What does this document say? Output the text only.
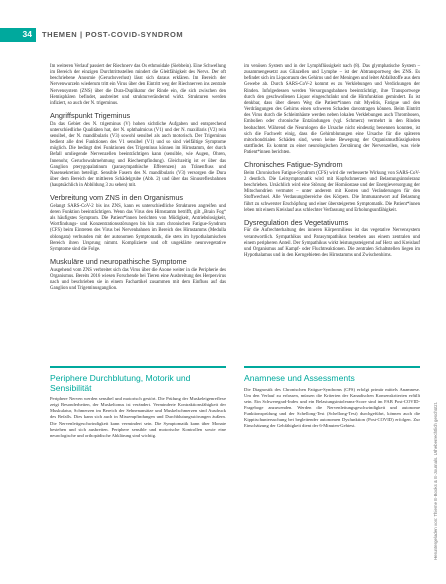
34 THEMEN | POST-COVID-SYNDROM

Im weiteren Verlauf passiert der Riechnerv das Os ethmoidale (Siebbein). Eine Schwellung im Bereich der einzigen Durchtrittsstellen mindert die Gleitfähigkeit des Nervs. Der oft beschriebene Anosmie (Geruchsverlust) lässt sich daraus erklären. Im Bereich der Nervenwurzeln wiederum tritt ein Virus über den Eintritt weg der Riechnerven ins zentrale Nervensystem (ZNS) über die Dura-Duplikatur der Rinde ein, die sich zwischen den Hemisphären befindet, ausbreitet und strukturverändernd wirkt. Strukturen werden infiziert, so auch der N. trigeminus.

Angriffspunkt Trigeminus

Da das Gebiet des N. trigeminus (V) hohen sichtliche Aufgaben und entsprechend unterschiedliche Qualitäten hat, der N. ophthalmicus (V1) und der N. maxillaris (V2) rein sensibel, der N. mandibularis (V3) sowohl sensibel als auch motorisch. Der Trigeminus bedient alle drei Funktionen des V1 sensibel (V1) und so sind vielfältige Symptome möglich. Die bedingt drei Funktionen des Trigeminus können im Hirnstamm, der durch Befall umliegende Nervenzellen beeinträchtigen kann (sensible, wie Augen, Ohren, Innenohr, Geruchswahrnehmung und Riechempfindung). Gleichzeitig ist er über das Ganglion pterygopalatinum (parasympathische Efferenzen) an Tränenfluss und Nasensekretion beteiligt. Sensible Fasern des N. mandibularis (V3) versorgen die Dura über dem Bereich der mittleren Schädelgrube (Abb. 2) und über das Sinusreflexbahnen (hauptsächlich in Abbildung 3 zu sehen) mit.

Verbreitung vom ZNS in den Organismus

Gelangt SARS-CoV-2 bis ins ZNS, kann es unterschiedliche Strukturen angreifen und deren Funktion beeinträchtigen. Wenn das Virus den Hirnstamm betrifft, gilt „Brain Fog“ als häufigstes Symptom. Die Patient*innen berichten von Müdigkeit, Antriebslosigkeit, Wortfindungs- und Konzentrationsstörungen bis hin zum chronischen Fatigue-Syndrom (CFS) beim Eintreten des Virus bei Nervenbahnen im Bereich des Hirnstamms (Medulla oblongata) verbunden mit der autonomen Symptomatik, die stets im hypothalamischen Bereich ihren Ursprung nimmt. Komplizierte und oft ungeklärte neurovegetative Symptome sind die Folge.

Muskuläre und neuropathische Symptome

Ausgehend vom ZNS verbreitet sich das Virus über die Axone weiter in die Peripherie des Organismus. Bereits 2016 wiesen Forschende bei Tieren eine Ausbreitung des Herpesvirus nach und beschrieben sie in einem Fachartikel zusammen mit dem Einfluss auf das Ganglion und Trigeminusganglion.

im venösen System und in der Lymphflüssigkeit nach (8). Das glymphatische System – zusammengesetzt aus Gliazellen und Lymphe – ist der Abtransportweg des ZNS. Es befindet sich im Liquorraum des Gehirns und der Meningen und leitet Abfallstoffe aus dem Gewebe ab. Durch SARS-CoV-2 kommt es zu Verklebungen und Verdickungen der Rinden. Infolgedessen werden Versorgungsbahnen beeinträchtigt, ihre Transportwege durch den geschwollenen Liquor eingeschränkt und die Hirnfunktion gemindert. Es ist denkbar, dass über diesen Weg die Patient*innen mit Myelitis, Fatigue und den Verdrängungen des Gehirns einen schweren Schaden davontragen können. Beim Eintritt des Virus durch die Schleimhäute werden neben lokalen Verklebungen auch Thrombosen, Embolien oder chronische Entzündungen (vgl. Schmerz) vermehrt in den Rinden beobachtet. Während die Neurologen die Ursache nicht eindeutig benennen konnten, ist sich die Fachwelt einig, dass die Gehirnblutungen eine Ursache für die späteren mitochondrialen Schäden sind, wenn keine Bewegung der Organismusflüssigkeiten stattfindet. Es kommt zu einer neurologischen Zerstörung der Nervenzellen, was viele Patient*innen berichten.

Chronisches Fatigue-Syndrom

Beim Chronischen Fatigue-Syndrom (CFS) wird die verbesserte Wirkung von SARS-CoV-2 deutlich. Die Leitsymptomatik wird mit Kopfschmerzen und Belastungsintoleranz beschrieben. Ursächlich wird eine Störung der Homöostase und der Energieversorgung der Mitochondrien vermutet – unter anderem mit Kosten und Veränderungen für den Stoffwechsel. Alle Verdauungsbereiche des Körpers. Die Immunantwort auf Belastung führt zu schwerster Erschöpfung und einer übersteigerten Symptomatik. Die Patient*innen leben mit einem Kreislauf aus schlechter Verfassung und Erholungsunfähigkeit.

Dysregulation des Vegetativums

Für die Aufrechterhaltung des inneren Körpermilieus ist das vegetative Nervensystem verantwortlich. Sympathikus und Parasympathikus bestehen aus einem zentralen und einem peripheren Anteil. Der Sympathikus wirkt leistungssteigernd auf Herz und Kreislauf und Organismus auf Kampf- oder Fluchtreaktionen. Die zentralen Schaltstellen liegen im Hypothalamus und in den Kerngebieten des Hirnstamms und Zwischenhirns.

Periphere Durchblutung, Motorik und Sensibilität

Periphere Nerven werden sensibel und motorisch gestört. Die Prüfung der Muskeleigenreflexe zeigt Besonderheiten, der Muskeltonus ist verändert. Verminderte Kontraktionsfähigkeit der Muskulatur, Schmerzen im Bereich der Sehnenansätze und Muskelschmerzen sind Ausdruck des Befalls. Dies kann sich auch in Missempfindungen und Durchblutungsstörungen äußern. Die Nervenleitgeschwindigkeit kann vermindert sein. Die Symptomatik kann über Monate bestehen und sich ausbreiten. Periphere sensible und motorische Kontrollen sowie eine neurologische und orthopädische Abklärung sind wichtig.

Anamnese und Assessments

Die Diagnostik des Chronischen Fatigue-Syndroms (CFS) erfolgt primär mittels Anamnese. Um den Verlauf zu erfassen, müssen die Kriterien der Kanadischen Konsenskriterien erfüllt sein. Ein Schweregrad-Index und ein Belastungsintoleranz-Score sind im FAB Post-COVID-Frageboge anzuwenden. Werden die Nervenleitungsgeschwindigkeit und autonome Funktionsprüfung und der Schellong-Test (Schellong-Test) durchgeführt, können auch die Kipptischuntersuchung bei begleitender autonomen Dysfunktion (Post-COVID) erfolgen. Zur Einschätzung der Gehfähigkeit dient der 6-Minuten-Gehtest.	Heruntergeladen von: Thieme E-Books & E-Journals. Urheberrechtlich geschützt.
